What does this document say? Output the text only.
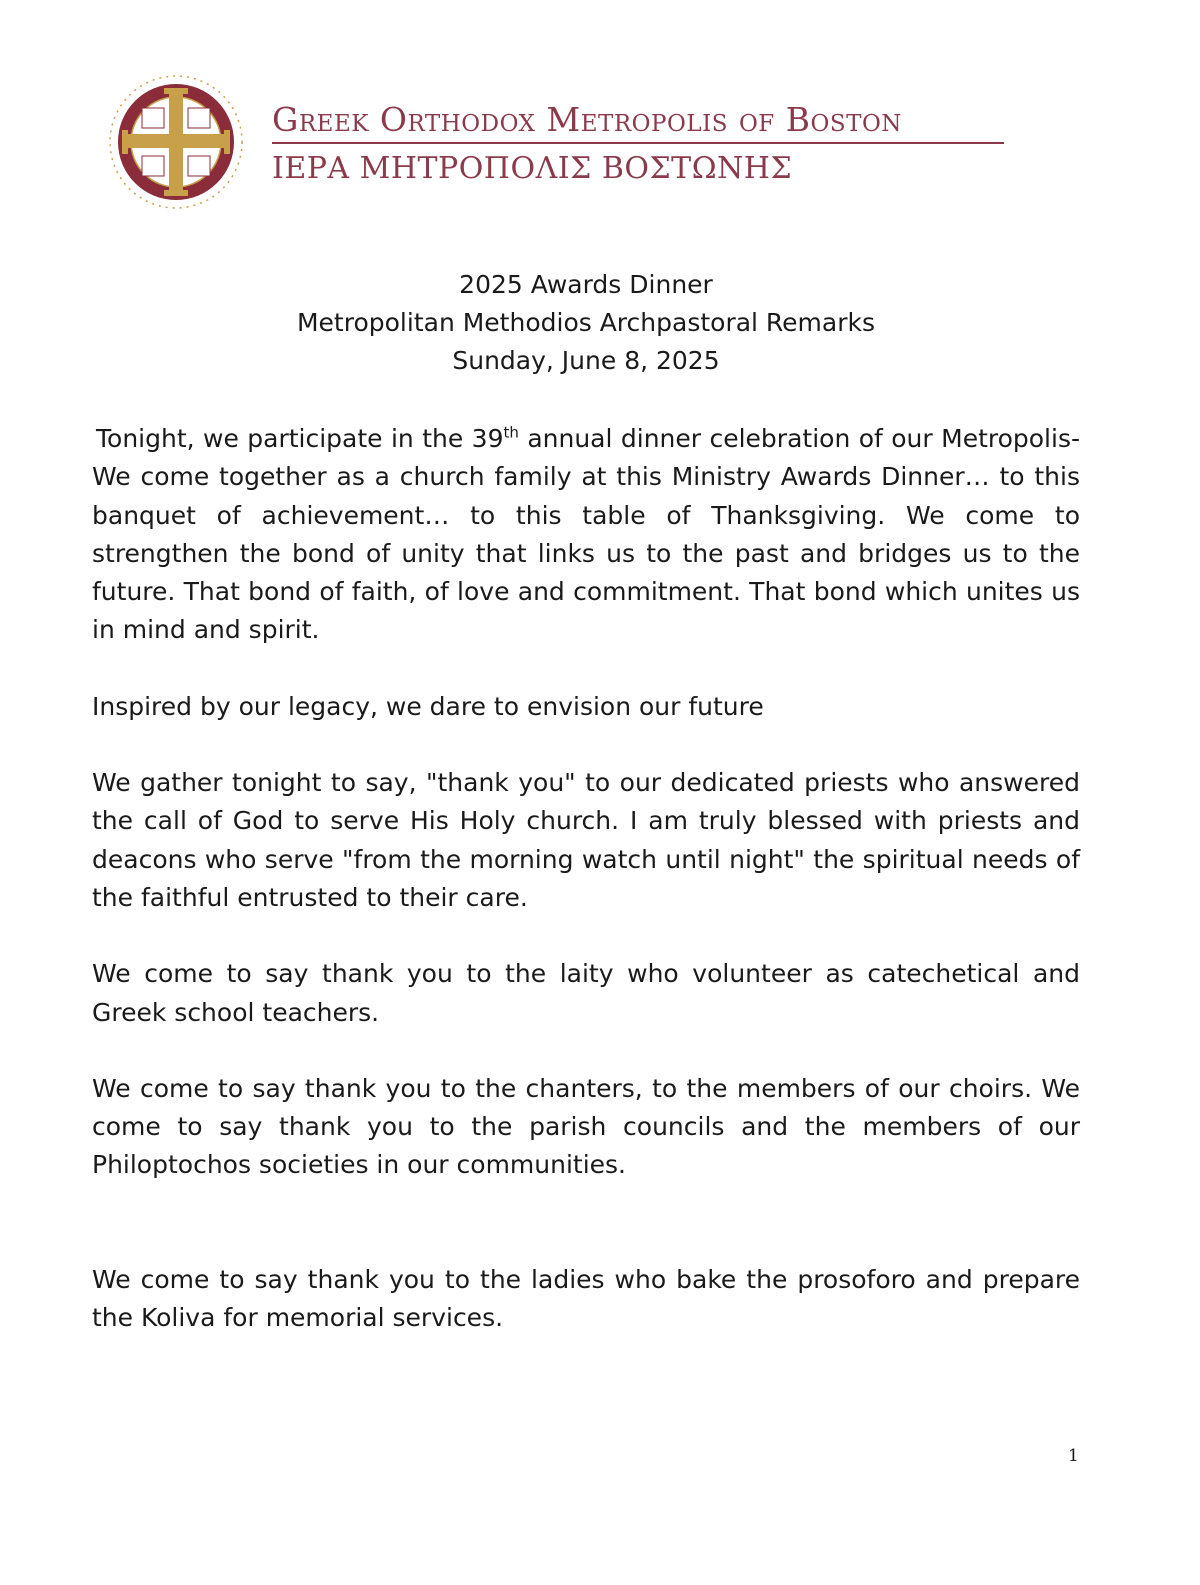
Greek Orthodox Metropolis of Boston
ΙΕΡΑ ΜΗΤΡΟΠΟΛΙΣ ΒΟΣΤΩΝΗΣ
2025 Awards Dinner
Metropolitan Methodios Archpastoral Remarks
Sunday, June 8, 2025

Tonight, we participate in the 39th annual dinner celebration of our Metropolis- We come together as a church family at this Ministry Awards Dinner… to this banquet of achievement… to this table of Thanksgiving. We come to strengthen the bond of unity that links us to the past and bridges us to the future. That bond of faith, of love and commitment. That bond which unites us in mind and spirit.

Inspired by our legacy, we dare to envision our future

We gather tonight to say, "thank you" to our dedicated priests who answered the call of God to serve His Holy church. I am truly blessed with priests and deacons who serve "from the morning watch until night" the spiritual needs of the faithful entrusted to their care.

We come to say thank you to the laity who volunteer as catechetical and Greek school teachers.

We come to say thank you to the chanters, to the members of our choirs. We come to say thank you to the parish councils and the members of our Philoptochos societies in our communities.

We come to say thank you to the ladies who bake the prosoforo and prepare the Koliva for memorial services.

1
